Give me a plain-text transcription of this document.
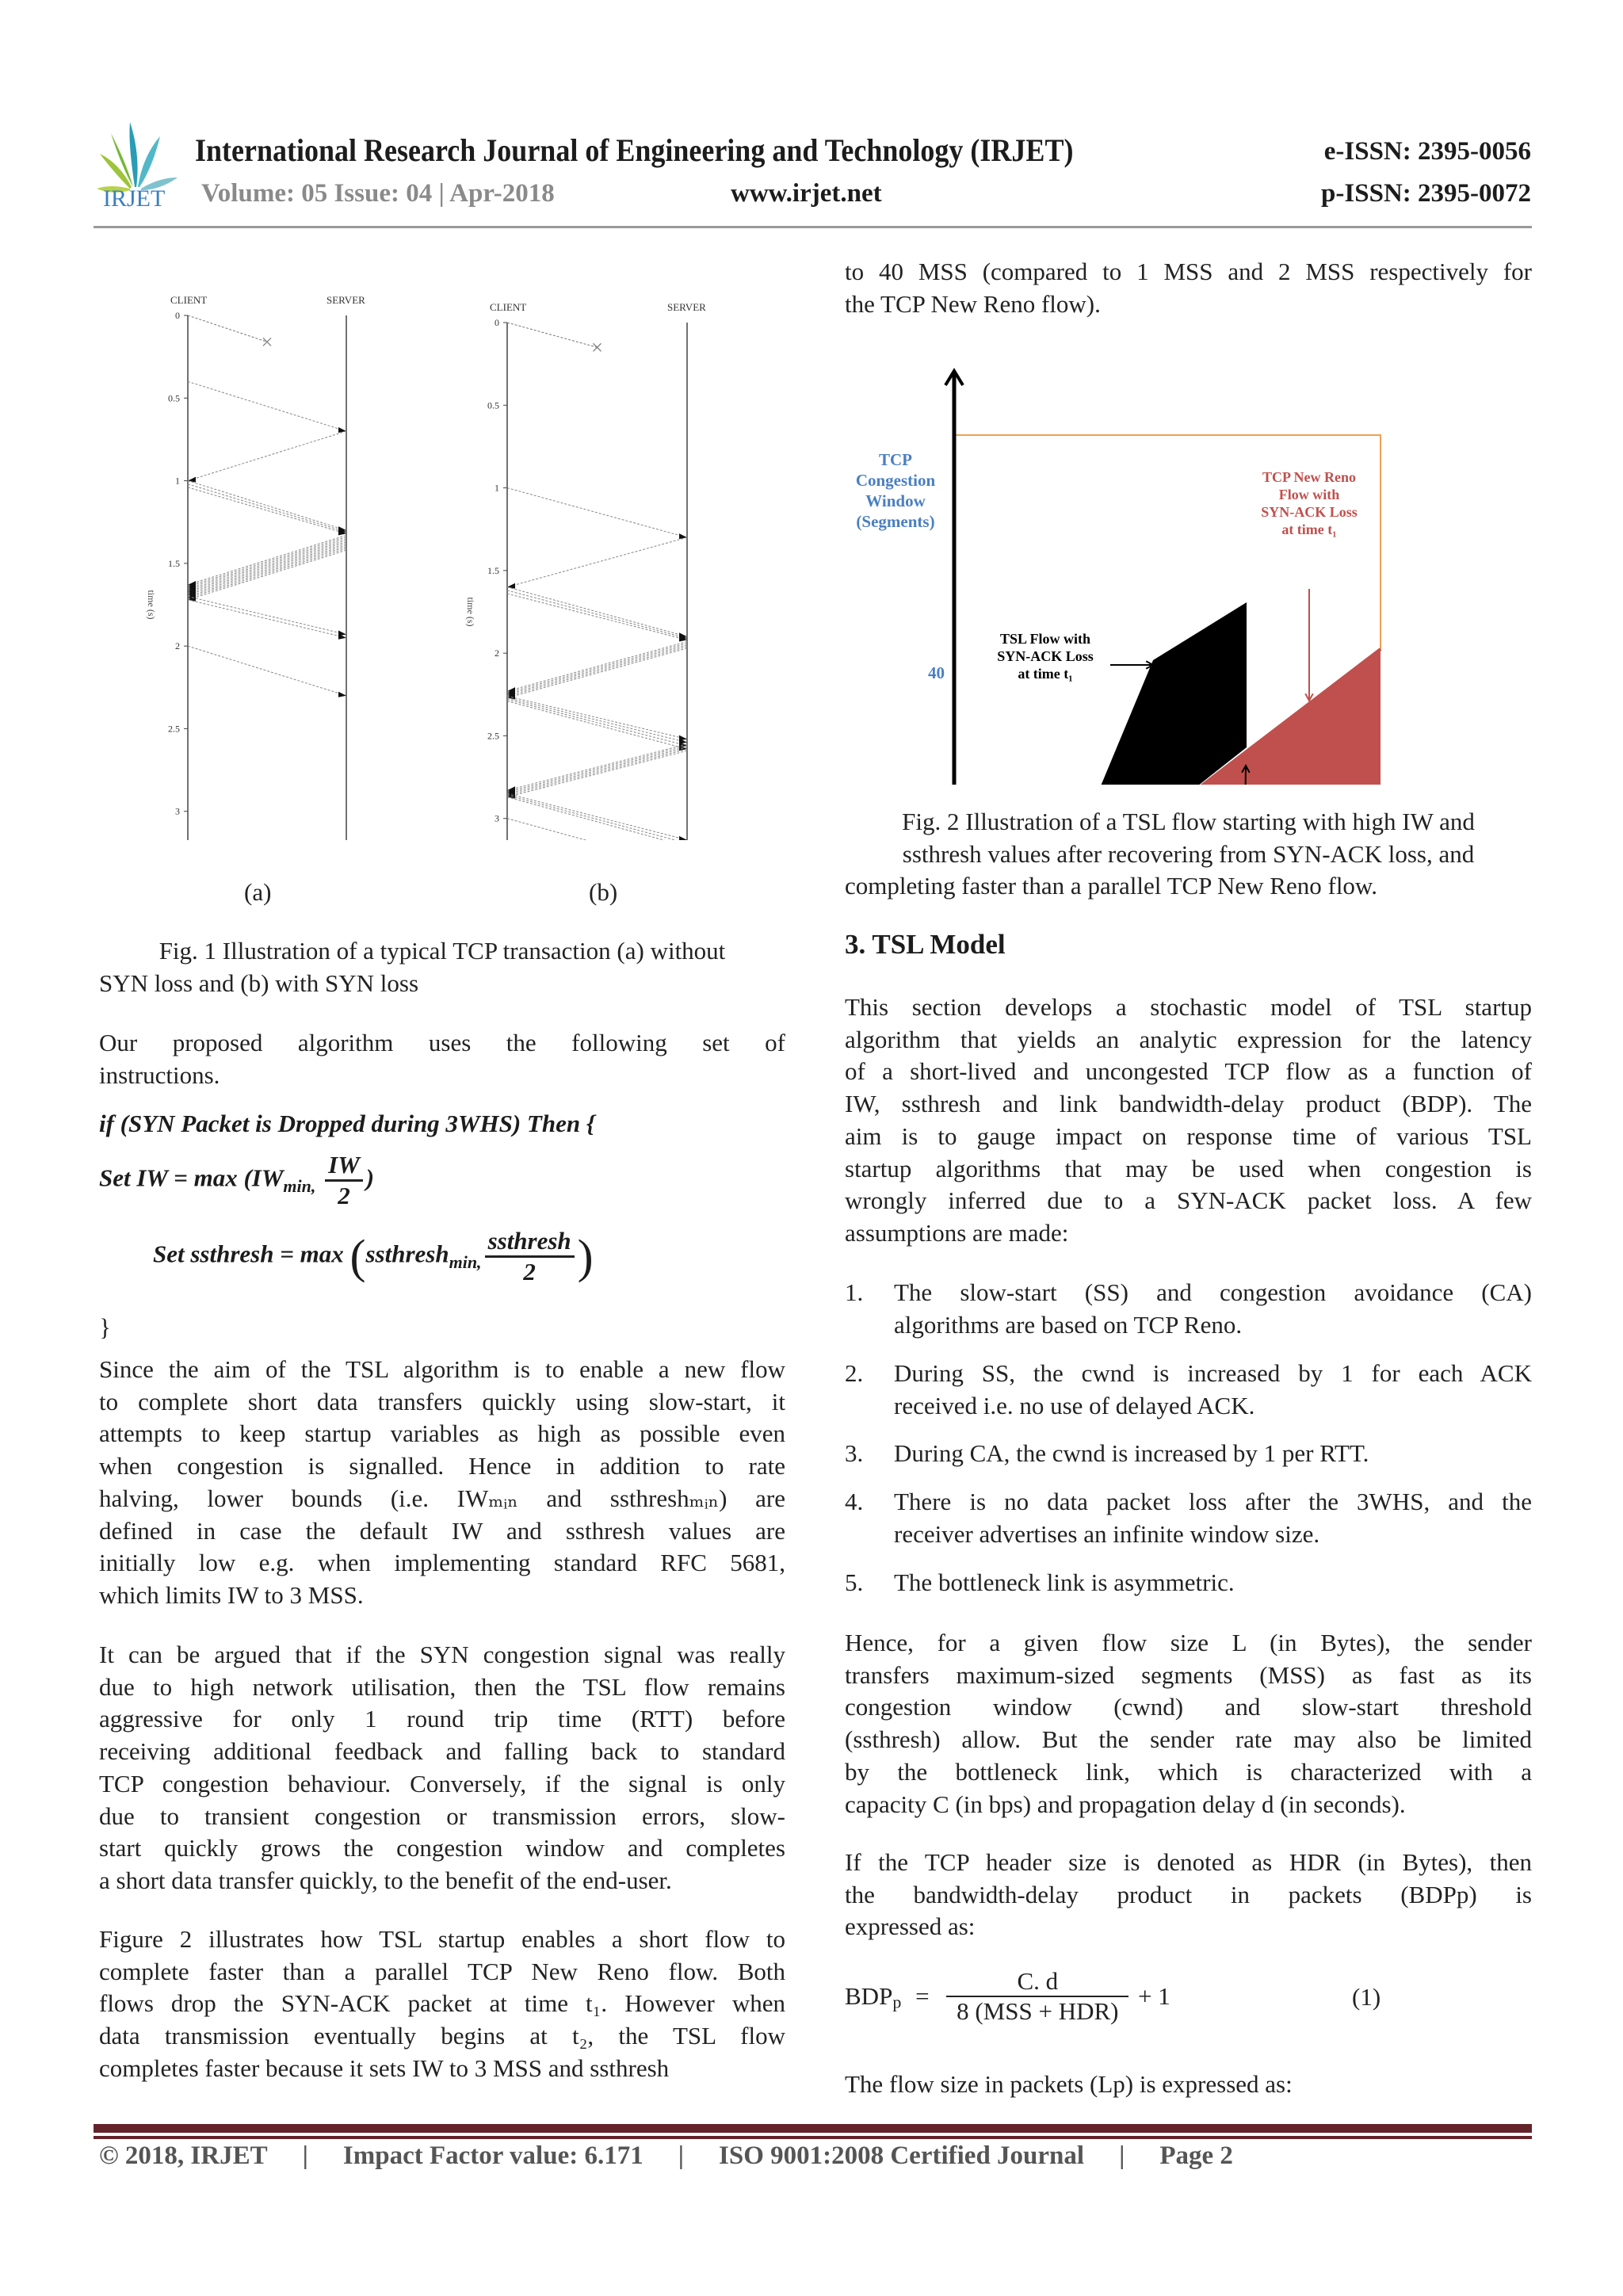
IRJET
International Research Journal of Engineering and Technology (IRJET)
Volume: 05 Issue: 04 | Apr-2018	www.irjet.net
e-ISSN: 2395-0056
p-ISSN: 2395-0072
CLIENT	SERVER
0
0.5
1
1.5
2
2.5
3
time (s)
CLIENT	SERVER
0
0.5
1
1.5
2
2.5
3
time (s)
(a)	(b)
Fig. 1 Illustration of a typical TCP transaction (a) without
SYN loss and (b) with SYN loss
Our proposed algorithm uses the following set of
instructions.
if (SYN Packet is Dropped during 3WHS) Then {
Set IW = $\max (IW_{min,} \frac{IW}{2}$ )
Set ssthresh = max (ssthresh$_{min,}$ $\frac{\text{ssthresh}}{2}$ )
}
Since the aim of the TSL algorithm is to enable a new flow
to complete short data transfers quickly using slow-start, it
attempts to keep startup variables as high as possible even
when congestion is signalled. Hence in addition to rate
halving, lower bounds (i.e. IWₘᵢₙ and ssthreshₘᵢₙ) are
defined in case the default IW and ssthresh values are
initially low e.g. when implementing standard RFC 5681,
which limits IW to 3 MSS.
It can be argued that if the SYN congestion signal was really
due to high network utilisation, then the TSL flow remains
aggressive for only 1 round trip time (RTT) before
receiving additional feedback and falling back to standard
TCP congestion behaviour. Conversely, if the signal is only
due to transient congestion or transmission errors, slow-
start quickly grows the congestion window and completes
a short data transfer quickly, to the benefit of the end-user.
Figure 2 illustrates how TSL startup enables a short flow to
complete faster than a parallel TCP New Reno flow. Both
flows drop the SYN-ACK packet at time t₁. However when
data transmission eventually begins at t₂, the TSL flow
completes faster because it sets IW to 3 MSS and ssthresh
to 40 MSS (compared to 1 MSS and 2 MSS respectively for
the TCP New Reno flow).
TCP
Congestion
Window
(Segments)
40
TSL Flow with
SYN-ACK Loss
at time t₁
TCP New Reno
Flow with
SYN-ACK Loss
at time t₁
Fig. 2 Illustration of a TSL flow starting with high IW and
ssthresh values after recovering from SYN-ACK loss, and
completing faster than a parallel TCP New Reno flow.
3. TSL Model
This section develops a stochastic model of TSL startup
algorithm that yields an analytic expression for the latency
of a short-lived and uncongested TCP flow as a function of
IW, ssthresh and link bandwidth-delay product (BDP). The
aim is to gauge impact on response time of various TSL
startup algorithms that may be used when congestion is
wrongly inferred due to a SYN-ACK packet loss. A few
assumptions are made:
1.	The slow-start (SS) and congestion avoidance (CA)
algorithms are based on TCP Reno.
2.	During SS, the cwnd is increased by 1 for each ACK
received i.e. no use of delayed ACK.
3.	During CA, the cwnd is increased by 1 per RTT.
4.	There is no data packet loss after the 3WHS, and the
receiver advertises an infinite window size.
5.	The bottleneck link is asymmetric.
Hence, for a given flow size L (in Bytes), the sender
transfers maximum-sized segments (MSS) as fast as its
congestion window (cwnd) and slow-start threshold
(ssthresh) allow. But the sender rate may also be limited
by the bottleneck link, which is characterized with a
capacity C (in bps) and propagation delay d (in seconds).
If the TCP header size is denoted as HDR (in Bytes), then
the bandwidth-delay product in packets (BDPp) is
expressed as:
$BDP_p = \frac{C. d}{\text{8 (MSS + HDR)}} + 1$	(1)
The flow size in packets (Lp) is expressed as:
© 2018, IRJET | Impact Factor value: 6.171 | ISO 9001:2008 Certified Journal | Page 2
